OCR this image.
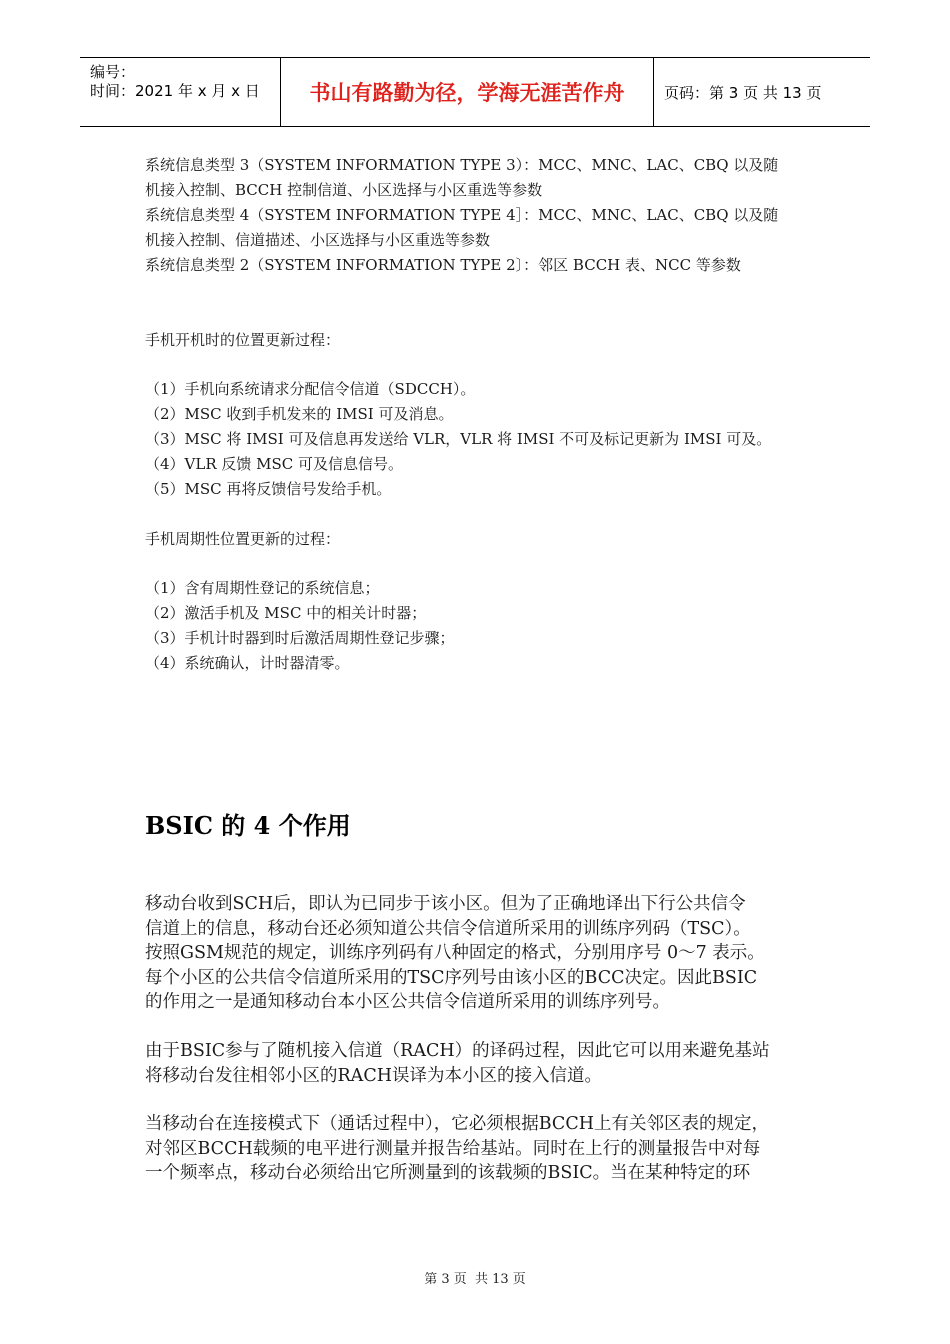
编号：
时间：2021 年 x 月 x 日 书山有路勤为径，学海无涯苦作舟	页码：第 3 页 共 13 页
系统信息类型 3（SYSTEM INFORMATION TYPE 3）：MCC、MNC、LAC、CBQ 以及随
机接入控制、BCCH 控制信道、小区选择与小区重选等参数
系统信息类型 4（SYSTEM INFORMATION TYPE 4］：MCC、MNC、LAC、CBQ 以及随
机接入控制、信道描述、小区选择与小区重选等参数
系统信息类型 2（SYSTEM INFORMATION TYPE 2〕：邻区 BCCH 表、NCC 等参数
手机开机时的位置更新过程：
（1）手机向系统请求分配信令信道（SDCCH）。
（2）MSC 收到手机发来的 IMSI 可及消息。
（3）MSC 将 IMSI 可及信息再发送给 VLR，VLR 将 IMSI 不可及标记更新为 IMSI 可及。
（4）VLR 反馈 MSC 可及信息信号。
（5）MSC 再将反馈信号发给手机。
手机周期性位置更新的过程：
（1）含有周期性登记的系统信息；
（2）激活手机及 MSC 中的相关计时器；
（3）手机计时器到时后激活周期性登记步骤；
（4）系统确认，计时器清零。
BSIC 的 4 个作用
移动台收到SCH后，即认为已同步于该小区。但为了正确地译出下行公共信令
信道上的信息，移动台还必须知道公共信令信道所采用的训练序列码（TSC）。
按照GSM规范的规定，训练序列码有八种固定的格式，分别用序号 0～7 表示。
每个小区的公共信令信道所采用的TSC序列号由该小区的BCC决定。因此BSIC
的作用之一是通知移动台本小区公共信令信道所采用的训练序列号。
由于BSIC参与了随机接入信道（RACH）的译码过程，因此它可以用来避免基站
将移动台发往相邻小区的RACH误译为本小区的接入信道。
当移动台在连接模式下（通话过程中），它必须根据BCCH上有关邻区表的规定，
对邻区BCCH载频的电平进行测量并报告给基站。同时在上行的测量报告中对每
一个频率点，移动台必须给出它所测量到的该载频的BSIC。当在某种特定的环
第 3 页  共 13 页
